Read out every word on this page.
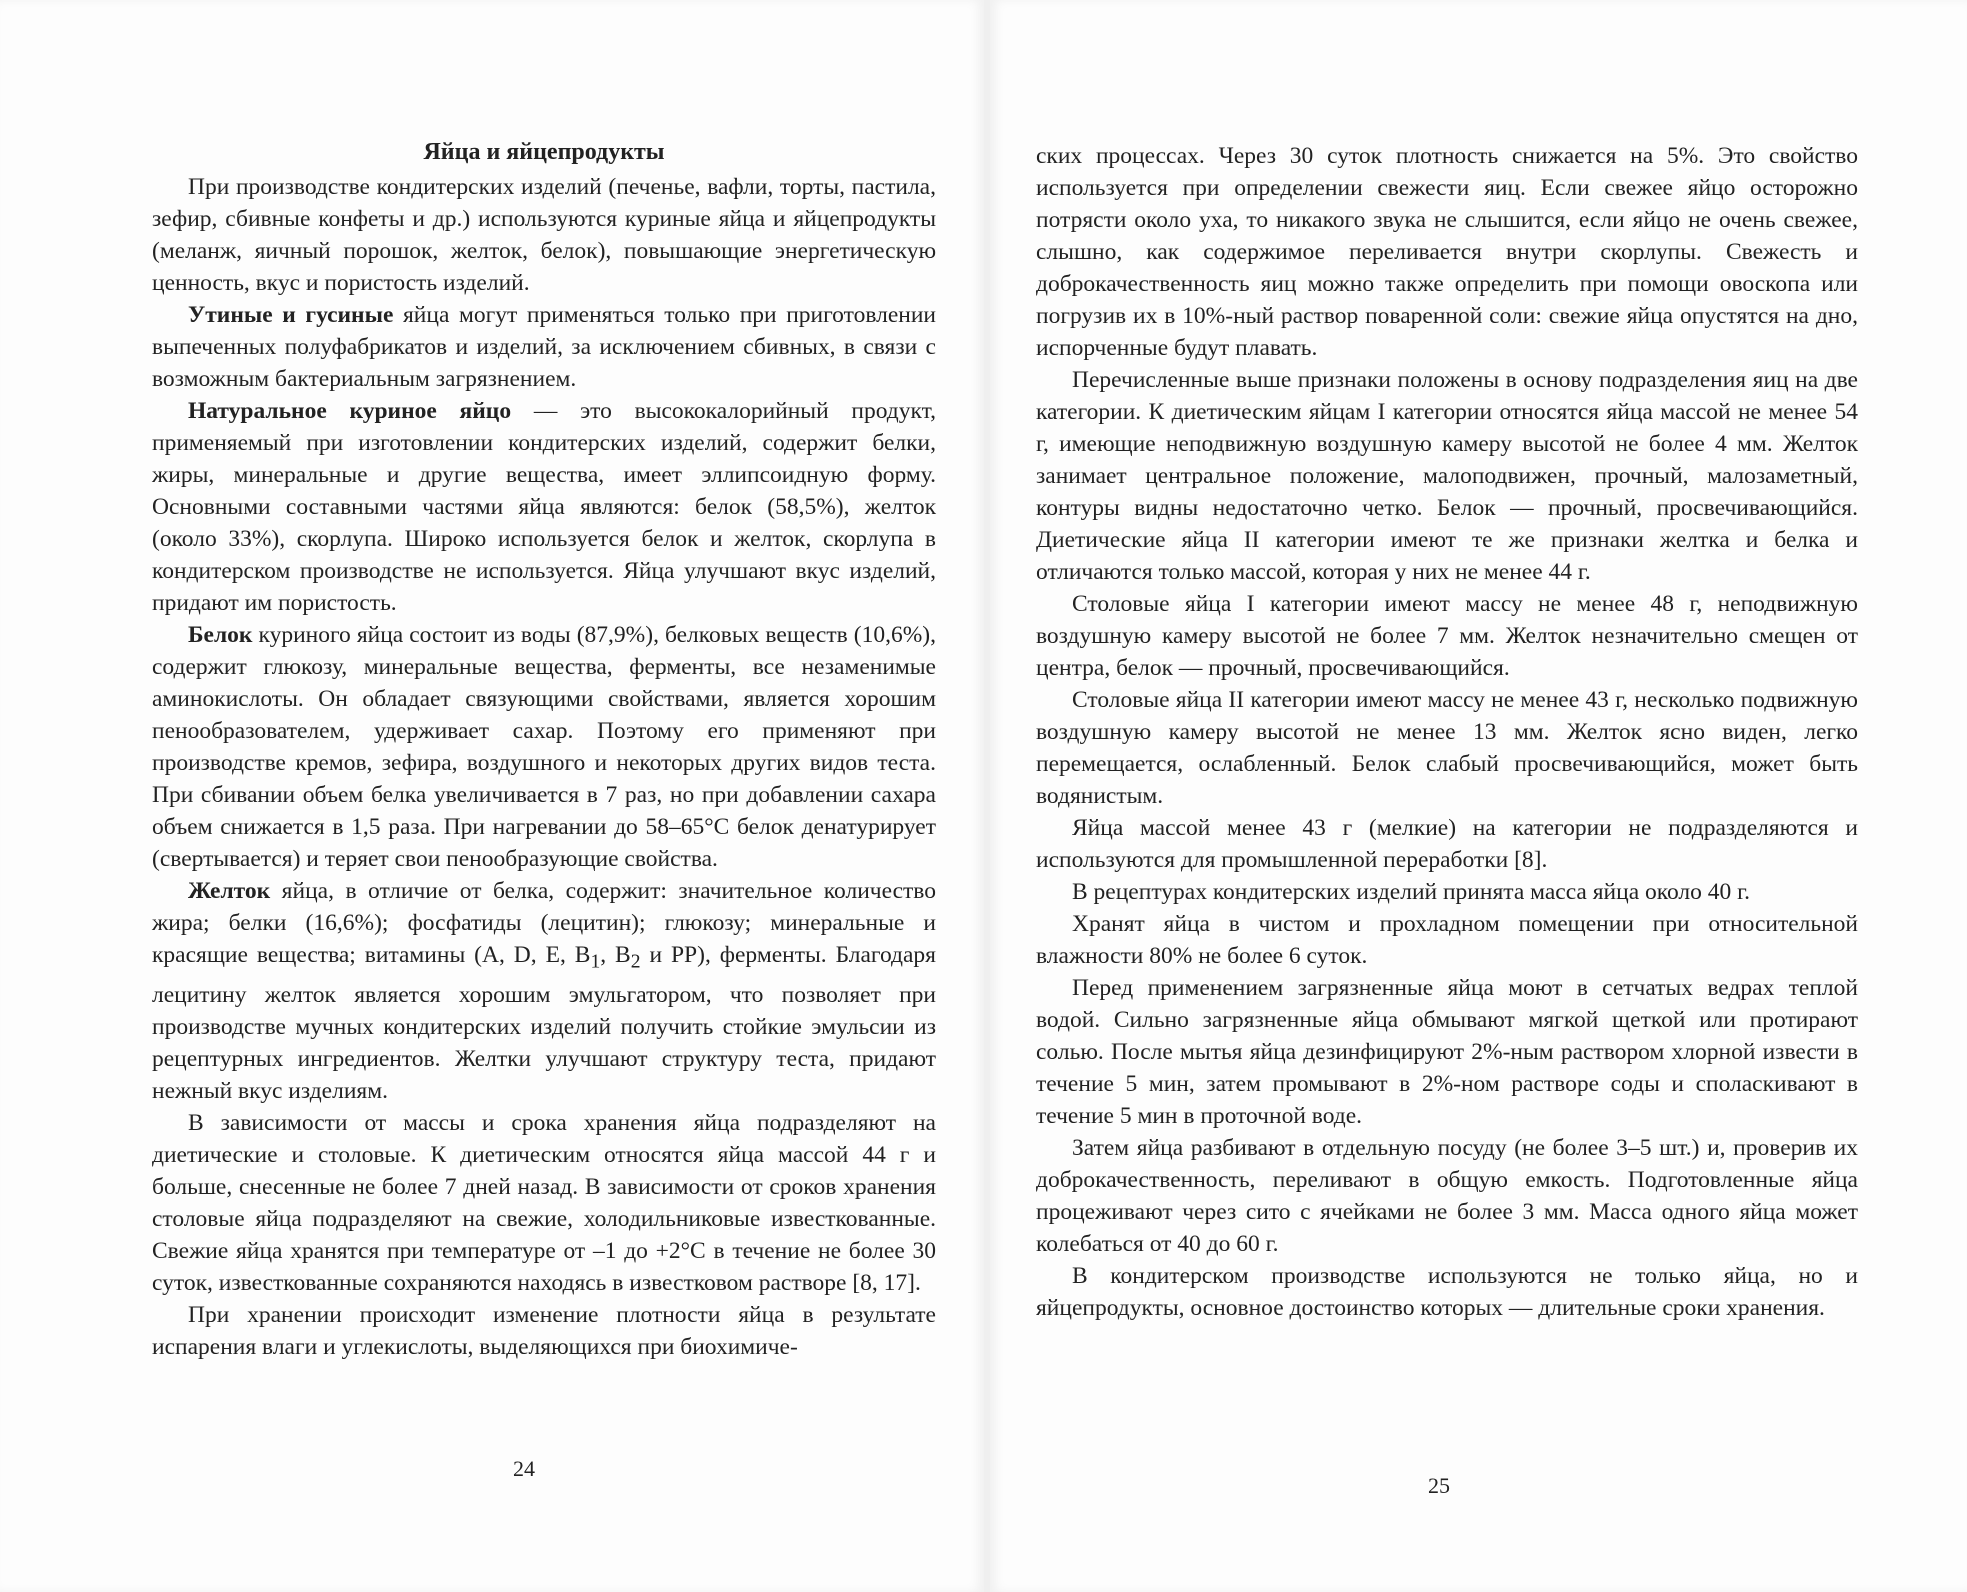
Яйца и яйцепродукты

При производстве кондитерских изделий (печенье, вафли, торты, пастила, зефир, сбивные конфеты и др.) используются куриные яйца и яйцепродукты (меланж, яичный порошок, желток, белок), повышающие энергетическую ценность, вкус и пористость изделий.

Утиные и гусиные яйца могут применяться только при приготовлении выпеченных полуфабрикатов и изделий, за исключением сбивных, в связи с возможным бактериальным загрязнением.

Натуральное куриное яйцо — это высококалорийный продукт, применяемый при изготовлении кондитерских изделий, содержит белки, жиры, минеральные и другие вещества, имеет эллипсоидную форму. Основными составными частями яйца являются: белок (58,5%), желток (около 33%), скорлупа. Широко используется белок и желток, скорлупа в кондитерском производстве не используется. Яйца улучшают вкус изделий, придают им пористость.

Белок куриного яйца состоит из воды (87,9%), белковых веществ (10,6%), содержит глюкозу, минеральные вещества, ферменты, все незаменимые аминокислоты. Он обладает связующими свойствами, является хорошим пенообразователем, удерживает сахар. Поэтому его применяют при производстве кремов, зефира, воздушного и некоторых других видов теста. При сбивании объем белка увеличивается в 7 раз, но при добавлении сахара объем снижается в 1,5 раза. При нагревании до 58–65°С белок денатурирует (свертывается) и теряет свои пенообразующие свойства.

Желток яйца, в отличие от белка, содержит: значительное количество жира; белки (16,6%); фосфатиды (лецитин); глюкозу; минеральные и красящие вещества; витамины (А, D, Е, $B_1$, $B_2$ и РР), ферменты. Благодаря лецитину желток является хорошим эмульгатором, что позволяет при производстве мучных кондитерских изделий получить стойкие эмульсии из рецептурных ингредиентов. Желтки улучшают структуру теста, придают нежный вкус изделиям.

В зависимости от массы и срока хранения яйца подразделяют на диетические и столовые. К диетическим относятся яйца массой 44 г и больше, снесенные не более 7 дней назад. В зависимости от сроков хранения столовые яйца подразделяют на свежие, холодильниковые известкованные. Свежие яйца хранятся при температуре от –1 до +2°С в течение не более 30 суток, известкованные сохраняются находясь в известковом растворе [8, 17].

При хранении происходит изменение плотности яйца в результате испарения влаги и углекислоты, выделяющихся при биохимиче-

24

ских процессах. Через 30 суток плотность снижается на 5%. Это свойство используется при определении свежести яиц. Если свежее яйцо осторожно потрясти около уха, то никакого звука не слышится, если яйцо не очень свежее, слышно, как содержимое переливается внутри скорлупы. Свежесть и доброкачественность яиц можно также определить при помощи овоскопа или погрузив их в 10%-ный раствор поваренной соли: свежие яйца опустятся на дно, испорченные будут плавать.

Перечисленные выше признаки положены в основу подразделения яиц на две категории. К диетическим яйцам I категории относятся яйца массой не менее 54 г, имеющие неподвижную воздушную камеру высотой не более 4 мм. Желток занимает центральное положение, малоподвижен, прочный, малозаметный, контуры видны недостаточно четко. Белок — прочный, просвечивающийся. Диетические яйца II категории имеют те же признаки желтка и белка и отличаются только массой, которая у них не менее 44 г.

Столовые яйца I категории имеют массу не менее 48 г, неподвижную воздушную камеру высотой не более 7 мм. Желток незначительно смещен от центра, белок — прочный, просвечивающийся.

Столовые яйца II категории имеют массу не менее 43 г, несколько подвижную воздушную камеру высотой не менее 13 мм. Желток ясно виден, легко перемещается, ослабленный. Белок слабый просвечивающийся, может быть водянистым.

Яйца массой менее 43 г (мелкие) на категории не подразделяются и используются для промышленной переработки [8].

В рецептурах кондитерских изделий принята масса яйца около 40 г.

Хранят яйца в чистом и прохладном помещении при относительной влажности 80% не более 6 суток.

Перед применением загрязненные яйца моют в сетчатых ведрах теплой водой. Сильно загрязненные яйца обмывают мягкой щеткой или протирают солью. После мытья яйца дезинфицируют 2%-ным раствором хлорной извести в течение 5 мин, затем промывают в 2%-ном растворе соды и споласкивают в течение 5 мин в проточной воде.

Затем яйца разбивают в отдельную посуду (не более 3–5 шт.) и, проверив их доброкачественность, переливают в общую емкость. Подготовленные яйца процеживают через сито с ячейками не более 3 мм. Масса одного яйца может колебаться от 40 до 60 г.

В кондитерском производстве используются не только яйца, но и яйцепродукты, основное достоинство которых — длительные сроки хранения.

25
